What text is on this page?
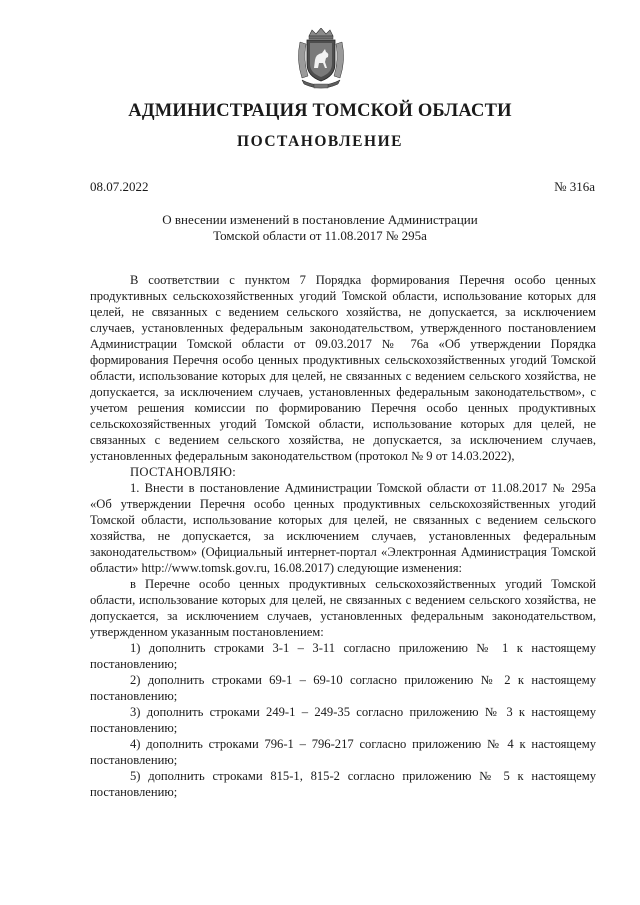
АДМИНИСТРАЦИЯ ТОМСКОЙ ОБЛАСТИ
ПОСТАНОВЛЕНИЕ
08.07.2022	№ 316а
О внесении изменений в постановление Администрации Томской области от 11.08.2017 № 295а

В соответствии с пунктом 7 Порядка формирования Перечня особо ценных продуктивных сельскохозяйственных угодий Томской области, использование которых для целей, не связанных с ведением сельского хозяйства, не допускается, за исключением случаев, установленных федеральным законодательством, утвержденного постановлением Администрации Томской области от 09.03.2017 № 76а «Об утверждении Порядка формирования Перечня особо ценных продуктивных сельскохозяйственных угодий Томской области, использование которых для целей, не связанных с ведением сельского хозяйства, не допускается, за исключением случаев, установленных федеральным законодательством», с учетом решения комиссии по формированию Перечня особо ценных продуктивных сельскохозяйственных угодий Томской области, использование которых для целей, не связанных с ведением сельского хозяйства, не допускается, за исключением случаев, установленных федеральным законодательством (протокол № 9 от 14.03.2022),

ПОСТАНОВЛЯЮ:

1. Внести в постановление Администрации Томской области от 11.08.2017 № 295а «Об утверждении Перечня особо ценных продуктивных сельскохозяйственных угодий Томской области, использование которых для целей, не связанных с ведением сельского хозяйства, не допускается, за исключением случаев, установленных федеральным законодательством» (Официальный интернет-портал «Электронная Администрация Томской области» http://www.tomsk.gov.ru, 16.08.2017) следующие изменения:

в Перечне особо ценных продуктивных сельскохозяйственных угодий Томской области, использование которых для целей, не связанных с ведением сельского хозяйства, не допускается, за исключением случаев, установленных федеральным законодательством, утвержденном указанным постановлением:

1) дополнить строками 3-1 – 3-11 согласно приложению № 1 к настоящему постановлению;

2) дополнить строками 69-1 – 69-10 согласно приложению № 2 к настоящему постановлению;

3) дополнить строками 249-1 – 249-35 согласно приложению № 3 к настоящему постановлению;

4) дополнить строками 796-1 – 796-217 согласно приложению № 4 к настоящему постановлению;

5) дополнить строками 815-1, 815-2 согласно приложению № 5 к настоящему постановлению;
